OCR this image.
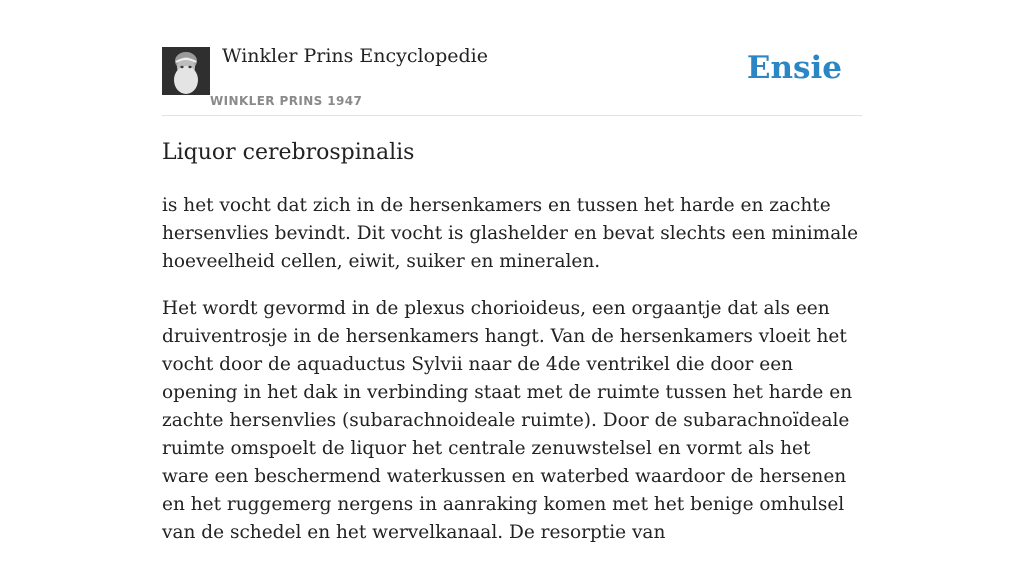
Winkler Prins Encyclopedie
WINKLER PRINS 1947
Ensie
Liquor cerebrospinalis

is het vocht dat zich in de hersenkamers en tussen het harde en zachte hersenvlies bevindt. Dit vocht is glashelder en bevat slechts een minimale hoeveelheid cellen, eiwit, suiker en mineralen.

Het wordt gevormd in de plexus chorioideus, een orgaantje dat als een druiventrosje in de hersenkamers hangt. Van de hersenkamers vloeit het vocht door de aquaductus Sylvii naar de 4de ventrikel die door een opening in het dak in verbinding staat met de ruimte tussen het harde en zachte hersenvlies (subarachnoideale ruimte). Door de subarachnoïdeale ruimte omspoelt de liquor het centrale zenuwstelsel en vormt als het ware een beschermend waterkussen en waterbed waardoor de hersenen en het ruggemerg nergens in aanraking komen met het benige omhulsel van de schedel en het wervelkanaal. De resorptie van
